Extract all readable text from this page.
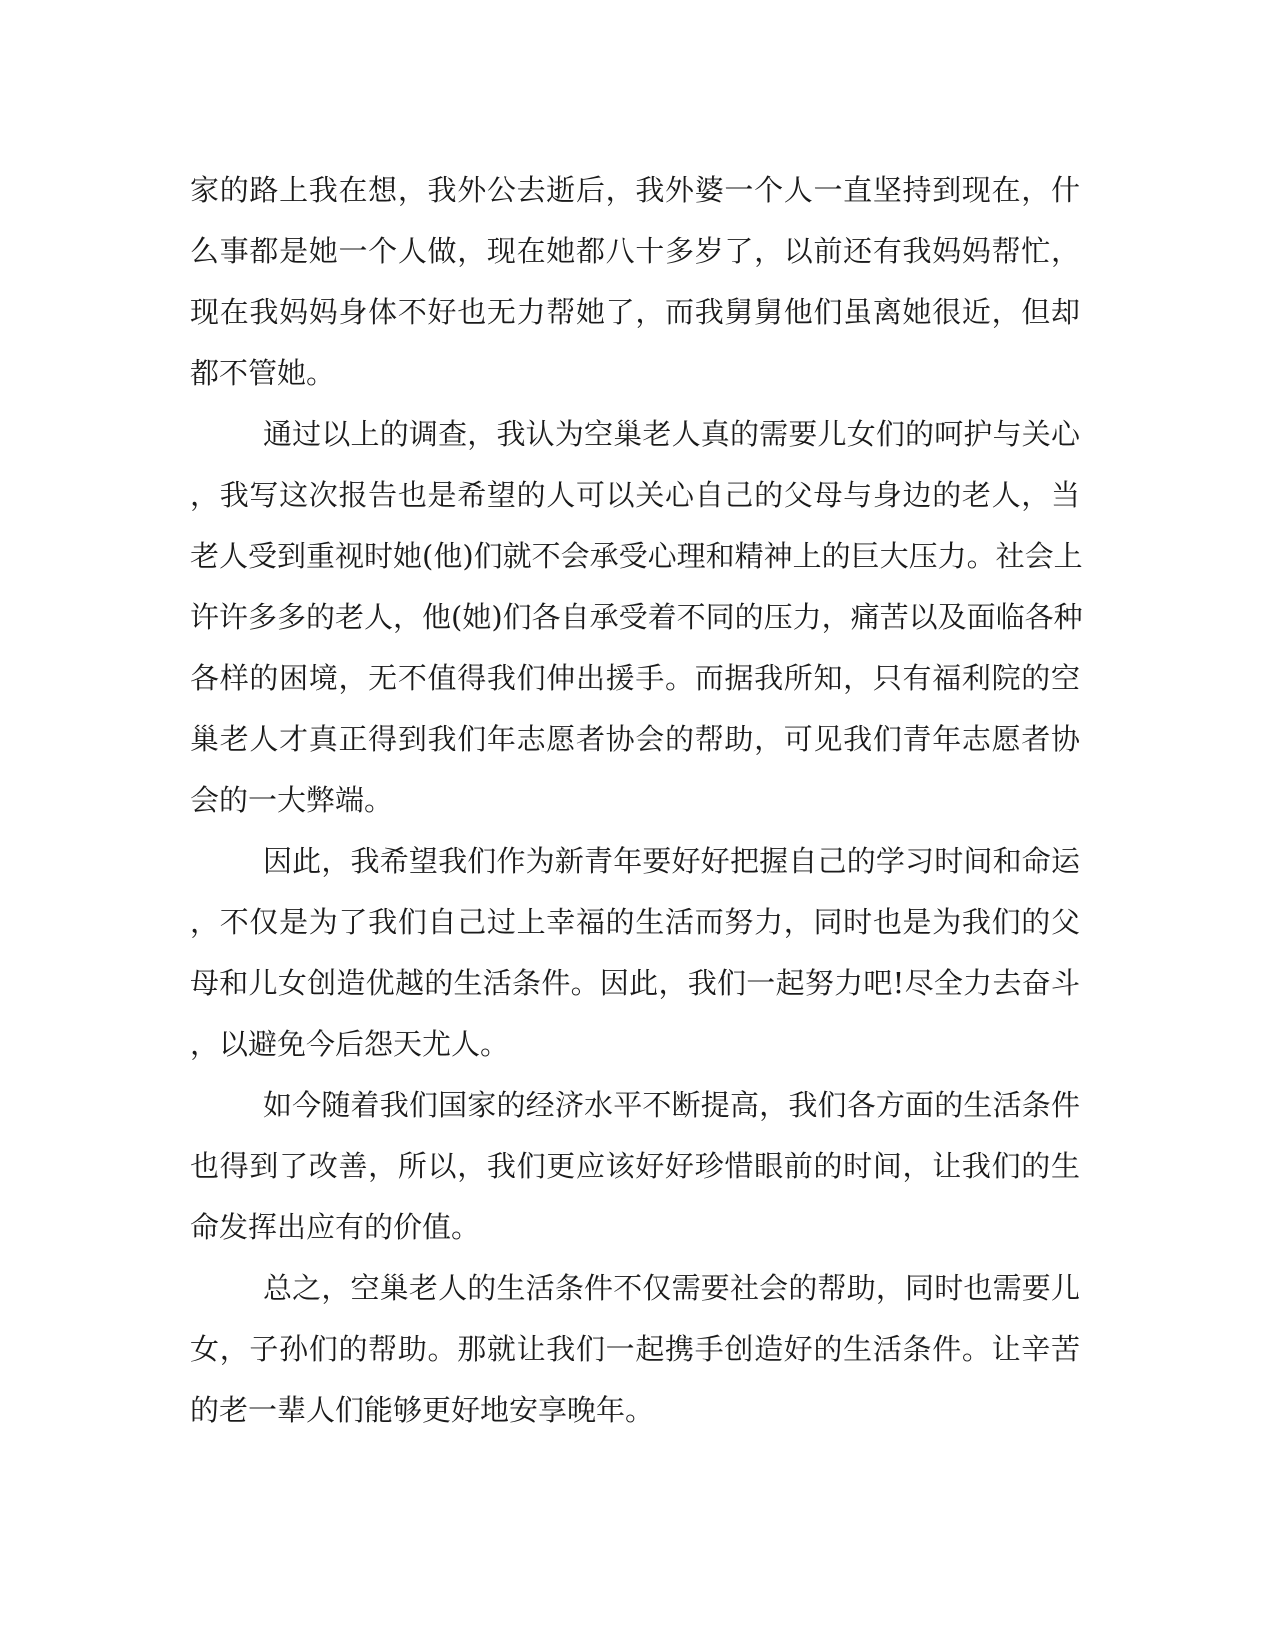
家的路上我在想，我外公去逝后，我外婆一个人一直坚持到现在，什
么事都是她一个人做，现在她都八十多岁了，以前还有我妈妈帮忙，
现在我妈妈身体不好也无力帮她了，而我舅舅他们虽离她很近，但却
都不管她。
通过以上的调查，我认为空巢老人真的需要儿女们的呵护与关心
，我写这次报告也是希望的人可以关心自己的父母与身边的老人，当
老人受到重视时她(他)们就不会承受心理和精神上的巨大压力。社会上
许许多多的老人，他(她)们各自承受着不同的压力，痛苦以及面临各种
各样的困境，无不值得我们伸出援手。而据我所知，只有福利院的空
巢老人才真正得到我们年志愿者协会的帮助，可见我们青年志愿者协
会的一大弊端。
因此，我希望我们作为新青年要好好把握自己的学习时间和命运
，不仅是为了我们自己过上幸福的生活而努力，同时也是为我们的父
母和儿女创造优越的生活条件。因此，我们一起努力吧!尽全力去奋斗
，以避免今后怨天尤人。
如今随着我们国家的经济水平不断提高，我们各方面的生活条件
也得到了改善，所以，我们更应该好好珍惜眼前的时间，让我们的生
命发挥出应有的价值。
总之，空巢老人的生活条件不仅需要社会的帮助，同时也需要儿
女，子孙们的帮助。那就让我们一起携手创造好的生活条件。让辛苦
的老一辈人们能够更好地安享晚年。
